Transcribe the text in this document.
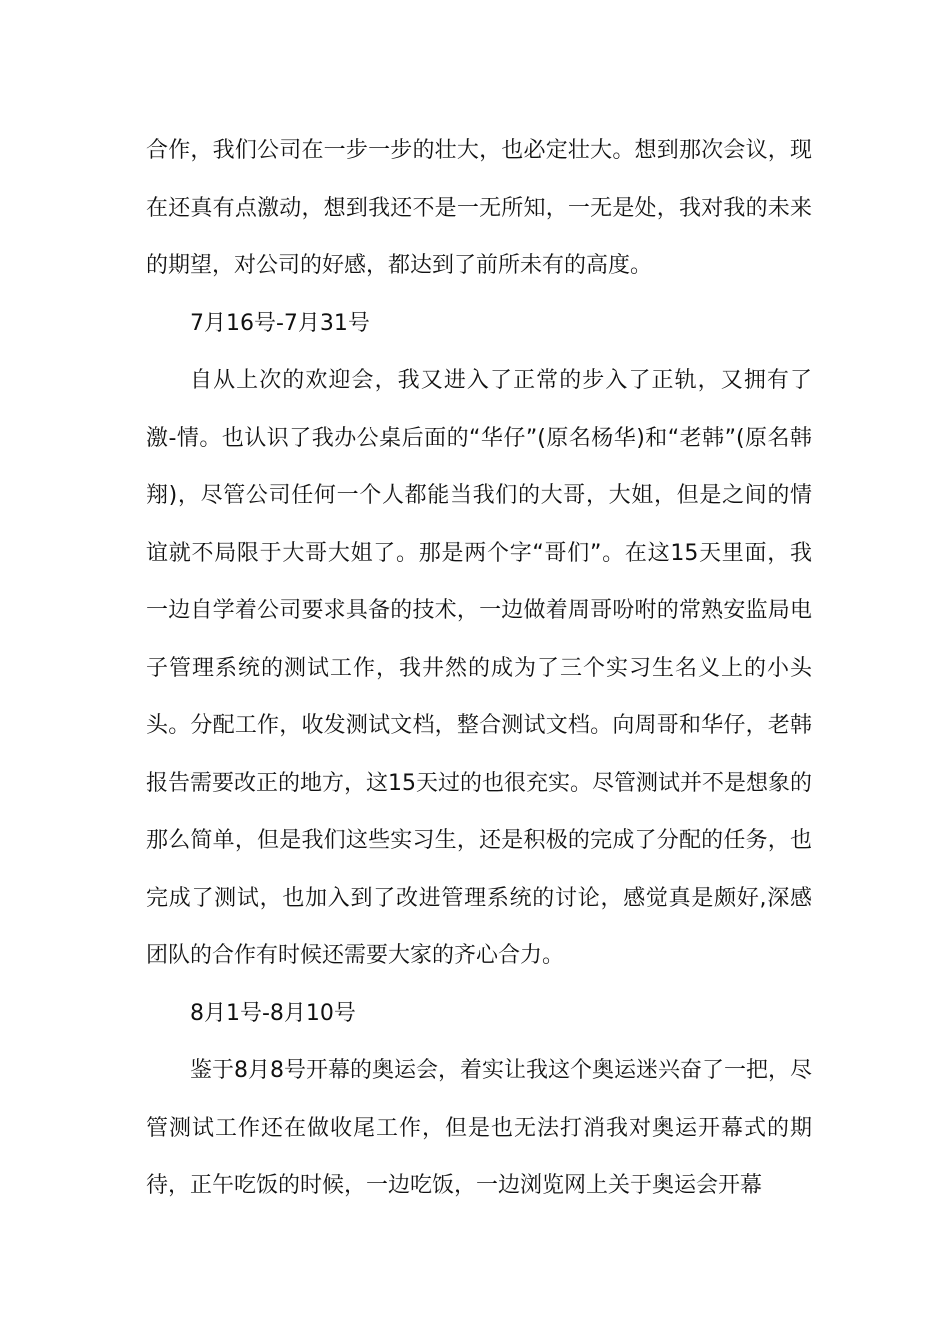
合作，我们公司在一步一步的壮大，也必定壮大。想到那次会议，现在还真有点激动，想到我还不是一无所知，一无是处，我对我的未来的期望，对公司的好感，都达到了前所未有的高度。

7月16号-7月31号

自从上次的欢迎会，我又进入了正常的步入了正轨，又拥有了激-情。也认识了我办公桌后面的“华仔”(原名杨华)和“老韩”(原名韩翔)，尽管公司任何一个人都能当我们的大哥，大姐，但是之间的情谊就不局限于大哥大姐了。那是两个字“哥们”。在这15天里面，我一边自学着公司要求具备的技术，一边做着周哥吩咐的常熟安监局电子管理系统的测试工作，我井然的成为了三个实习生名义上的小头头。分配工作，收发测试文档，整合测试文档。向周哥和华仔，老韩报告需要改正的地方，这15天过的也很充实。尽管测试并不是想象的那么简单，但是我们这些实习生，还是积极的完成了分配的任务，也完成了测试，也加入到了改进管理系统的讨论，感觉真是颇好,深感团队的合作有时候还需要大家的齐心合力。

8月1号-8月10号

鉴于8月8号开幕的奥运会，着实让我这个奥运迷兴奋了一把，尽管测试工作还在做收尾工作，但是也无法打消我对奥运开幕式的期待，正午吃饭的时候，一边吃饭，一边浏览网上关于奥运会开幕
